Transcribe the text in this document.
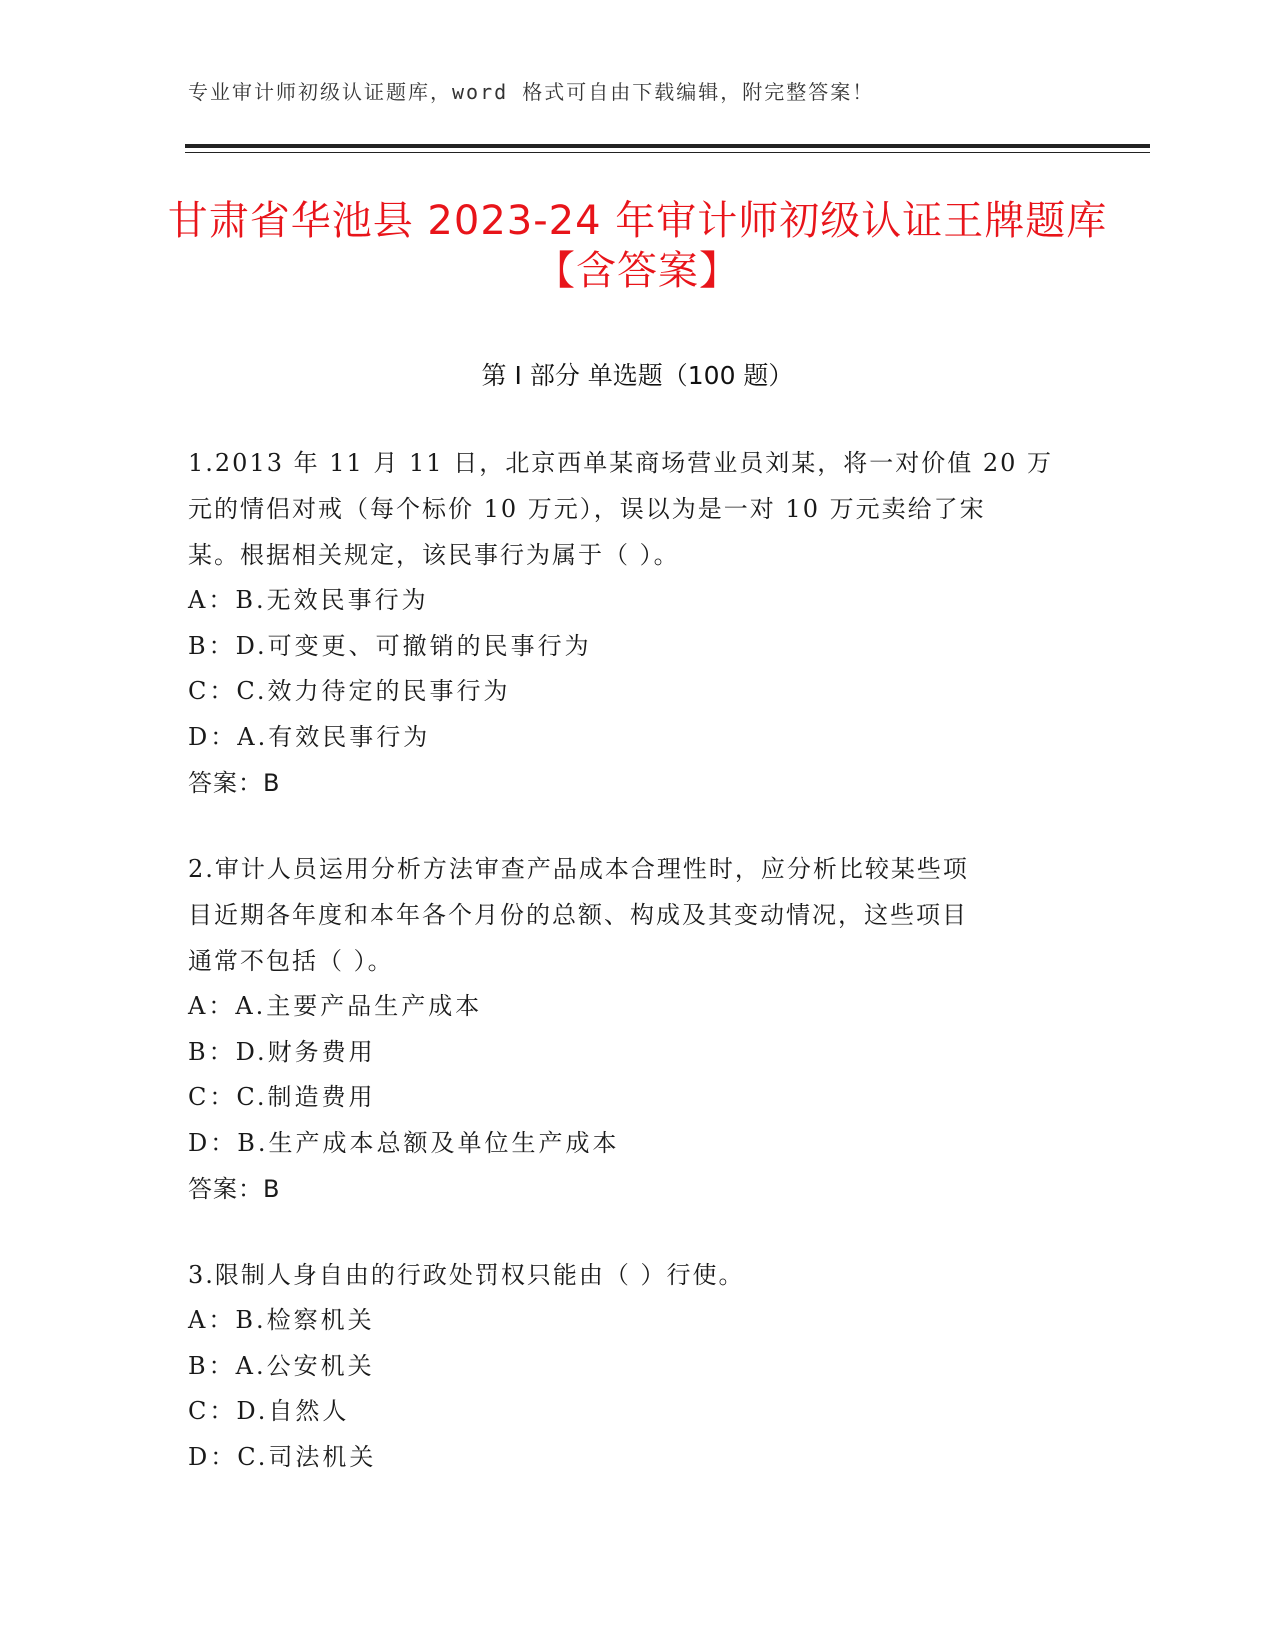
专业审计师初级认证题库，word 格式可自由下载编辑，附完整答案！
甘肃省华池县 2023-24 年审计师初级认证王牌题库【含答案】
第 I 部分 单选题（100 题）

1.2013 年 11 月 11 日，北京西单某商场营业员刘某，将一对价值 20 万

元的情侣对戒（每个标价 10 万元），误以为是一对 10 万元卖给了宋

某。根据相关规定，该民事行为属于（ ）。

A：B.无效民事行为

B：D.可变更、可撤销的民事行为

C：C.效力待定的民事行为

D：A.有效民事行为

答案：B

2.审计人员运用分析方法审查产品成本合理性时，应分析比较某些项

目近期各年度和本年各个月份的总额、构成及其变动情况，这些项目

通常不包括（ ）。

A：A.主要产品生产成本

B：D.财务费用

C：C.制造费用

D：B.生产成本总额及单位生产成本

答案：B

3.限制人身自由的行政处罚权只能由（ ）行使。

A：B.检察机关

B：A.公安机关

C：D.自然人

D：C.司法机关
